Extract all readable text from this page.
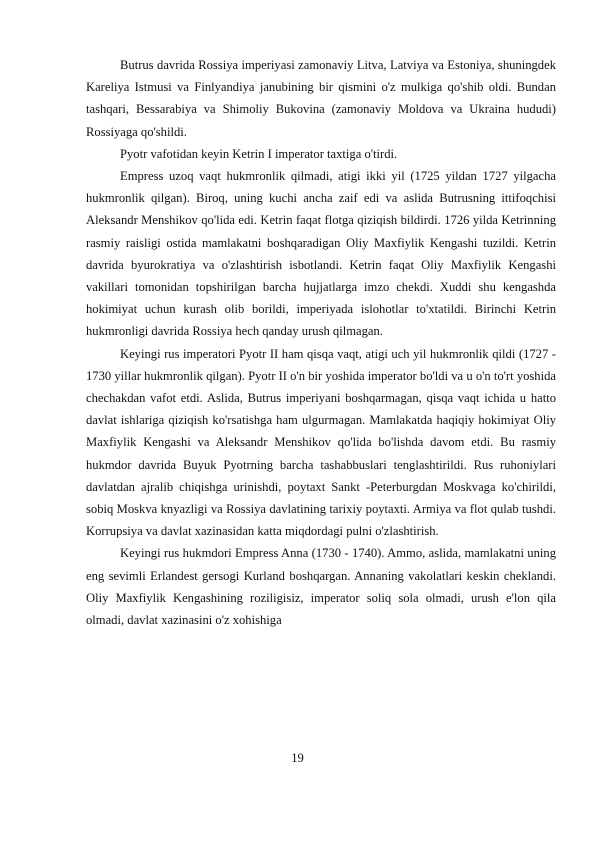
Butrus davrida Rossiya imperiyasi zamonaviy Litva, Latviya va Estoniya, shuningdek Kareliya Istmusi va Finlyandiya janubining bir qismini o'z mulkiga qo'shib oldi. Bundan tashqari, Bessarabiya va Shimoliy Bukovina (zamonaviy Moldova va Ukraina hududi) Rossiyaga qo'shildi.

Pyotr vafotidan keyin Ketrin I imperator taxtiga o'tirdi.

Empress uzoq vaqt hukmronlik qilmadi, atigi ikki yil (1725 yildan 1727 yilgacha hukmronlik qilgan). Biroq, uning kuchi ancha zaif edi va aslida Butrusning ittifoqchisi Aleksandr Menshikov qo'lida edi. Ketrin faqat flotga qiziqish bildirdi. 1726 yilda Ketrinning rasmiy raisligi ostida mamlakatni boshqaradigan Oliy Maxfiylik Kengashi tuzildi. Ketrin davrida byurokratiya va o'zlashtirish isbotlandi. Ketrin faqat Oliy Maxfiylik Kengashi vakillari tomonidan topshirilgan barcha hujjatlarga imzo chekdi. Xuddi shu kengashda hokimiyat uchun kurash olib borildi, imperiyada islohotlar to'xtatildi. Birinchi Ketrin hukmronligi davrida Rossiya hech qanday urush qilmagan.

Keyingi rus imperatori Pyotr II ham qisqa vaqt, atigi uch yil hukmronlik qildi (1727 - 1730 yillar hukmronlik qilgan). Pyotr II o'n bir yoshida imperator bo'ldi va u o'n to'rt yoshida chechakdan vafot etdi. Aslida, Butrus imperiyani boshqarmagan, qisqa vaqt ichida u hatto davlat ishlariga qiziqish ko'rsatishga ham ulgurmagan. Mamlakatda haqiqiy hokimiyat Oliy Maxfiylik Kengashi va Aleksandr Menshikov qo'lida bo'lishda davom etdi. Bu rasmiy hukmdor davrida Buyuk Pyotrning barcha tashabbuslari tenglashtirildi. Rus ruhoniylari davlatdan ajralib chiqishga urinishdi, poytaxt Sankt -Peterburgdan Moskvaga ko'chirildi, sobiq Moskva knyazligi va Rossiya davlatining tarixiy poytaxti. Armiya va flot qulab tushdi. Korrupsiya va davlat xazinasidan katta miqdordagi pulni o'zlashtirish.

Keyingi rus hukmdori Empress Anna (1730 - 1740). Ammo, aslida, mamlakatni uning eng sevimli Erlandest gersogi Kurland boshqargan. Annaning vakolatlari keskin cheklandi. Oliy Maxfiylik Kengashining roziligisiz, imperator soliq sola olmadi, urush e'lon qila olmadi, davlat xazinasini o'z xohishiga

19
